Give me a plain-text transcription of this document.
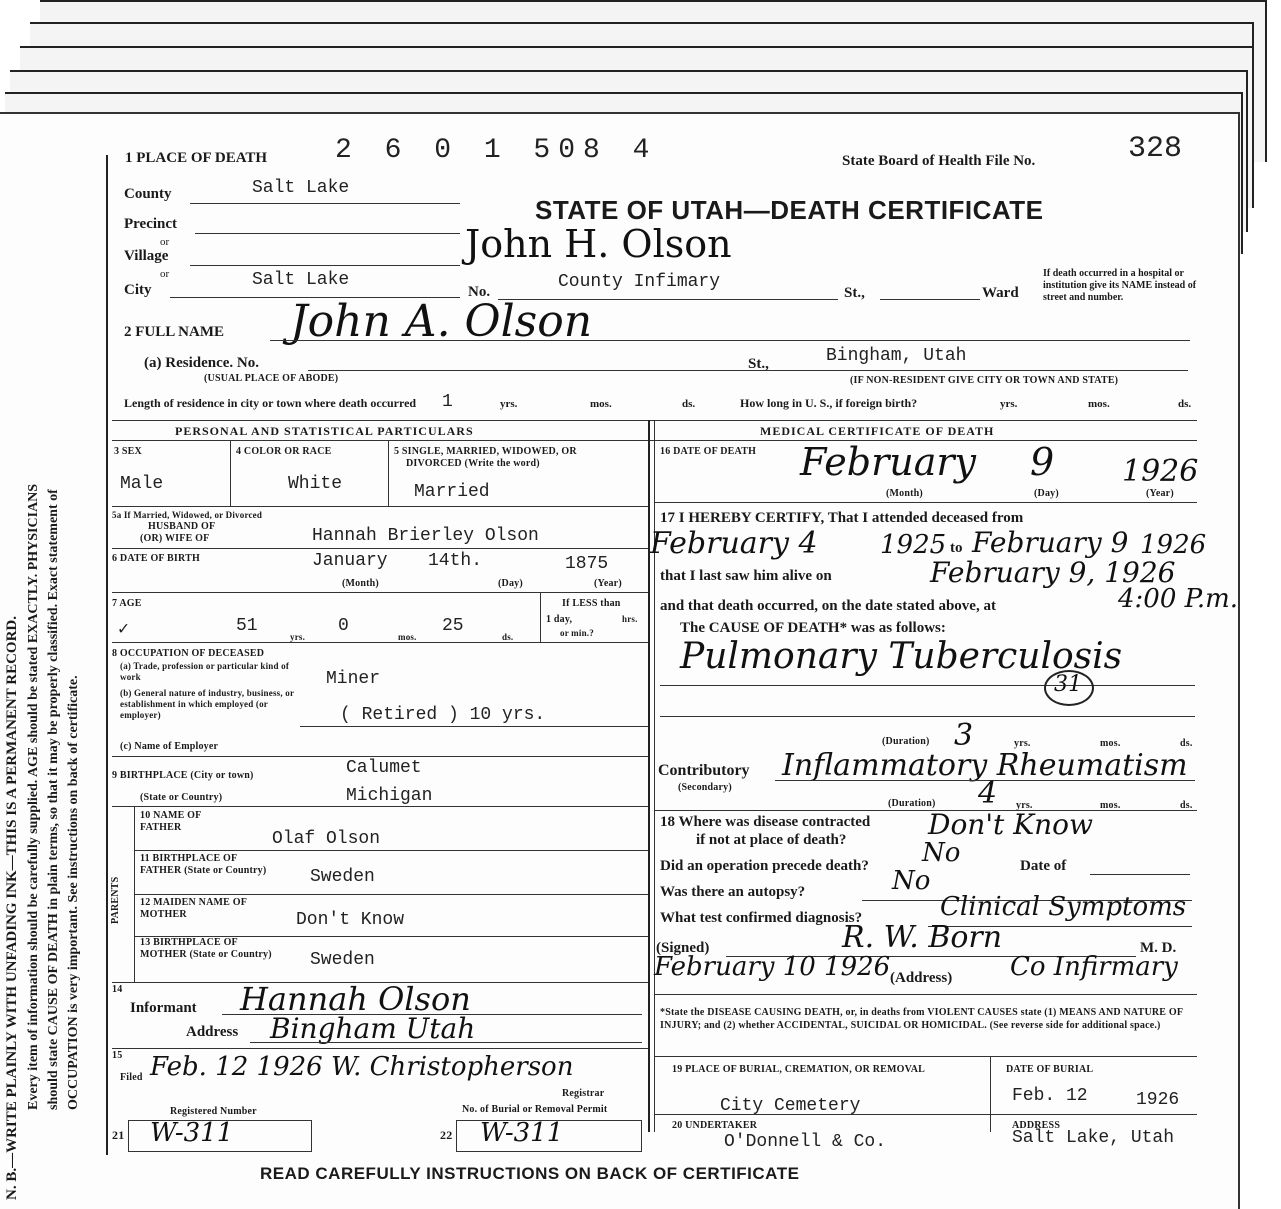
N. B.—WRITE PLAINLY WITH UNFADING INK—THIS IS A PERMANENT RECORD. Every item of information should be carefully supplied. AGE should be stated EXACTLY. PHYSICIANS should state CAUSE OF DEATH in plain terms, so that it may be properly classified. Exact statement of OCCUPATION is very important. See instructions on back of certificate.
1 PLACE OF DEATH 2 6 0 1 508 4	State Board of Health File No.	328
STATE OF UTAH—DEATH CERTIFICATE
John H. Olson
County	Salt Lake
Precinct
or
Village
or
City	Salt Lake
No.	County Infimary
St.,	Ward
If death occurred in a hospital or institution give its NAME instead of street and number.
2 FULL NAME John A. Olson
(a) Residence. No.
(USUAL PLACE OF ABODE)
St.,	Bingham, Utah
(IF NON-RESIDENT GIVE CITY OR TOWN AND STATE)
Length of residence in city or town where death occurred 1	yrs.	mos.	ds.	How long in U. S., if foreign birth?	yrs.	mos.	ds.
PERSONAL AND STATISTICAL PARTICULARS	MEDICAL CERTIFICATE OF DEATH
3 SEX
Male
4 COLOR OR RACE
White
5 SINGLE, MARRIED, WIDOWED, OR
DIVORCED (Write the word)
Married
5a If Married, Widowed, or Divorced
HUSBAND OF
(OR) WIFE OF	Hannah Brierley Olson
6 DATE OF BIRTH	January 14th.	1875
(Month)	(Day)	(Year)
7 AGE
✓	51
yrs.
0
mos.
25
ds.
If LESS than
1 day,	hrs.
or min.?
8 OCCUPATION OF DECEASED
(a) Trade, profession or particular kind of work	Miner
(b) General nature of industry, business, or establishment in which employed (or employer)	( Retired ) 10 yrs.
(c) Name of Employer
9 BIRTHPLACE (City or town)	Calumet
(State or Country)	Michigan
PARENTS
10 NAME OF FATHER
Olaf Olson
11 BIRTHPLACE OF FATHER (State or Country)	Sweden
12 MAIDEN NAME OF MOTHER	Don't Know
13 BIRTHPLACE OF MOTHER (State or Country)	Sweden
14
Informant Hannah Olson
Address Bingham Utah
15
Filed Feb. 12 1926 W. Christopherson
Registrar
Registered Number
21 W-311
No. of Burial or Removal Permit
22 W-311
16 DATE OF DEATH February 9 1926
(Month)	(Day)	(Year)
17 I HEREBY CERTIFY, That I attended deceased from
February 4 1925 to February 9 1926
that I last saw him alive on	February 9, 1926
and that death occurred, on the date stated above, at	4:00 P.m.
The CAUSE OF DEATH* was as follows:
Pulmonary Tuberculosis
31
(Duration) 3	yrs.	mos.	ds.
Contributory
(Secondary)
Inflammatory Rheumatism
(Duration) 4 yrs.	mos.	ds.
18 Where was disease contracted
if not at place of death?	Don't Know
Did an operation precede death? No	Date of
Was there an autopsy?	No
What test confirmed diagnosis?	Clinical Symptoms
(Signed)	R. W. Born	M. D.
February 10 1926 (Address) Co Infirmary
*State the DISEASE CAUSING DEATH, or, in deaths from VIOLENT CAUSES state (1) MEANS AND NATURE OF INJURY; and (2) whether ACCIDENTAL, SUICIDAL OR HOMICIDAL. (See reverse side for additional space.)
19 PLACE OF BURIAL, CREMATION, OR REMOVAL
City Cemetery
DATE OF BURIAL
Feb. 12	1926
20 UNDERTAKER
O'Donnell & Co.
ADDRESS
Salt Lake, Utah
READ CAREFULLY INSTRUCTIONS ON BACK OF CERTIFICATE
